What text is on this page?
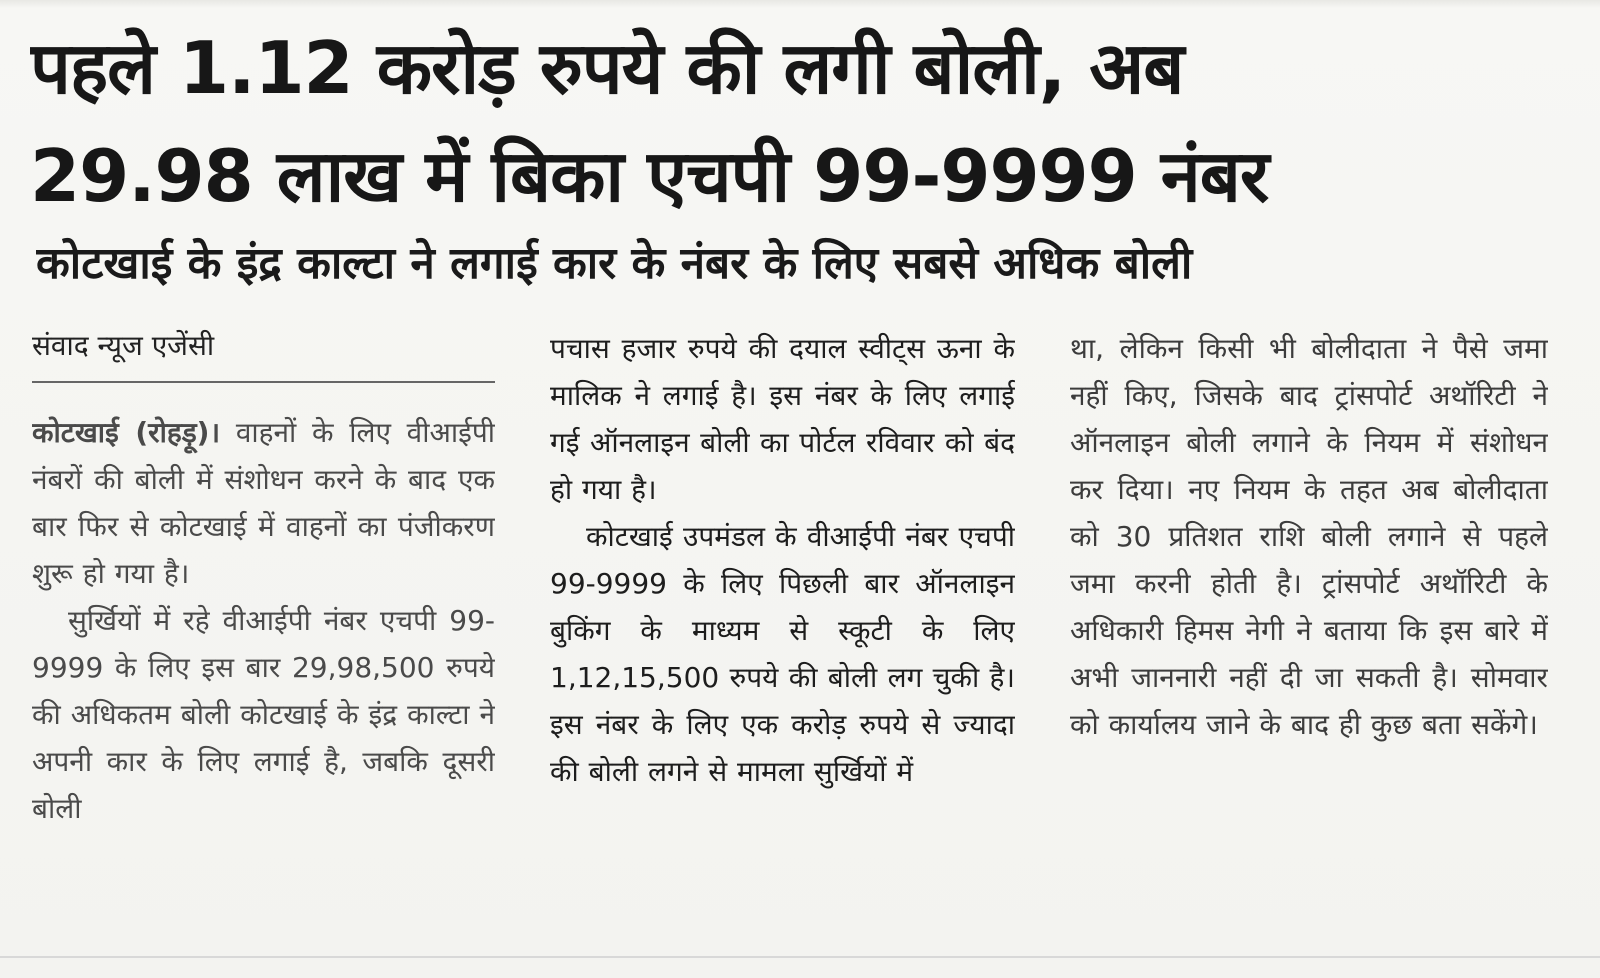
पहले 1.12 करोड़ रुपये की लगी बोली, अब
29.98 लाख में बिका एचपी 99-9999 नंबर
कोटखाई के इंद्र काल्टा ने लगाई कार के नंबर के लिए सबसे अधिक बोली
संवाद न्यूज एजेंसी

कोटखाई (रोहड़ू)। वाहनों के लिए वीआईपी नंबरों की बोली में संशोधन करने के बाद एक बार फिर से कोटखाई में वाहनों का पंजीकरण शुरू हो गया है।

सुर्खियों में रहे वीआईपी नंबर एचपी 99-9999 के लिए इस बार 29,98,500 रुपये की अधिकतम बोली कोटखाई के इंद्र काल्टा ने अपनी कार के लिए लगाई है, जबकि दूसरी बोली

पचास हजार रुपये की दयाल स्वीट्स ऊना के मालिक ने लगाई है। इस नंबर के लिए लगाई गई ऑनलाइन बोली का पोर्टल रविवार को बंद हो गया है।

कोटखाई उपमंडल के वीआईपी नंबर एचपी 99-9999 के लिए पिछली बार ऑनलाइन बुकिंग के माध्यम से स्कूटी के लिए 1,12,15,500 रुपये की बोली लग चुकी है। इस नंबर के लिए एक करोड़ रुपये से ज्यादा की बोली लगने से मामला सुर्खियों में

था, लेकिन किसी भी बोलीदाता ने पैसे जमा नहीं किए, जिसके बाद ट्रांसपोर्ट अथॉरिटी ने ऑनलाइन बोली लगाने के नियम में संशोधन कर दिया। नए नियम के तहत अब बोलीदाता को 30 प्रतिशत राशि बोली लगाने से पहले जमा करनी होती है। ट्रांसपोर्ट अथॉरिटी के अधिकारी हिमस नेगी ने बताया कि इस बारे में अभी जाननारी नहीं दी जा सकती है। सोमवार को कार्यालय जाने के बाद ही कुछ बता सकेंगे।
